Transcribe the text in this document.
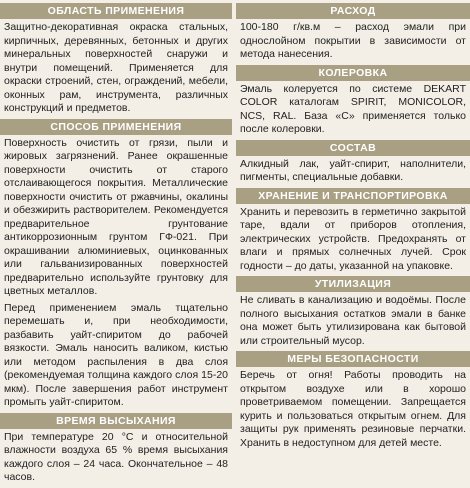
ОБЛАСТЬ ПРИМЕНЕНИЯ
Защитно-декоративная окраска стальных, кирпичных, деревянных, бетонных и других минеральных поверхностей снаружи и внутри помещений. Применяется для окраски строений, стен, ограждений, мебели, оконных рам, инструмента, различных конструкций и предметов.
СПОСОБ ПРИМЕНЕНИЯ
Поверхность очистить от грязи, пыли и жировых загрязнений. Ранее окрашенные поверхности очистить от старого отслаивающегося покрытия. Металлические поверхности очистить от ржавчины, окалины и обезжирить растворителем. Рекомендуется предварительное грунтование антикоррозионным грунтом ГФ-021. При окрашивании алюминиевых, оцинкованных или гальванизированных поверхностей предварительно используйте грунтовку для цветных металлов.
Перед применением эмаль тщательно перемешать и, при необходимости, разбавить уайт-спиритом до рабочей вязкости. Эмаль наносить валиком, кистью или методом распыления в два слоя (рекомендуемая толщина каждого слоя 15-20 мкм). После завершения работ инструмент промыть уайт-спиритом.
ВРЕМЯ ВЫСЫХАНИЯ
При температуре 20 °С и относительной влажности воздуха 65 % время высыхания каждого слоя – 24 часа. Окончательное – 48 часов.
РАСХОД
100-180 г/кв.м – расход эмали при однослойном покрытии в зависимости от метода нанесения.
КОЛЕРОВКА
Эмаль колеруется по системе DEKART COLOR каталогам SPIRIT, MONICOLOR, NCS, RAL. База «С» применяется только после колеровки.
СОСТАВ
Алкидный лак, уайт-спирит, наполнители, пигменты, специальные добавки.
ХРАНЕНИЕ И ТРАНСПОРТИРОВКА
Хранить и перевозить в герметично закрытой таре, вдали от приборов отопления, электрических устройств. Предохранять от влаги и прямых солнечных лучей. Срок годности – до даты, указанной на упаковке.
УТИЛИЗАЦИЯ
Не сливать в канализацию и водоёмы. После полного высыхания остатков эмали в банке она может быть утилизирована как бытовой или строительный мусор.
МЕРЫ БЕЗОПАСНОСТИ
Беречь от огня! Работы проводить на открытом воздухе или в хорошо проветриваемом помещении. Запрещается курить и пользоваться открытым огнем. Для защиты рук применять резиновые перчатки. Хранить в недоступном для детей месте.
